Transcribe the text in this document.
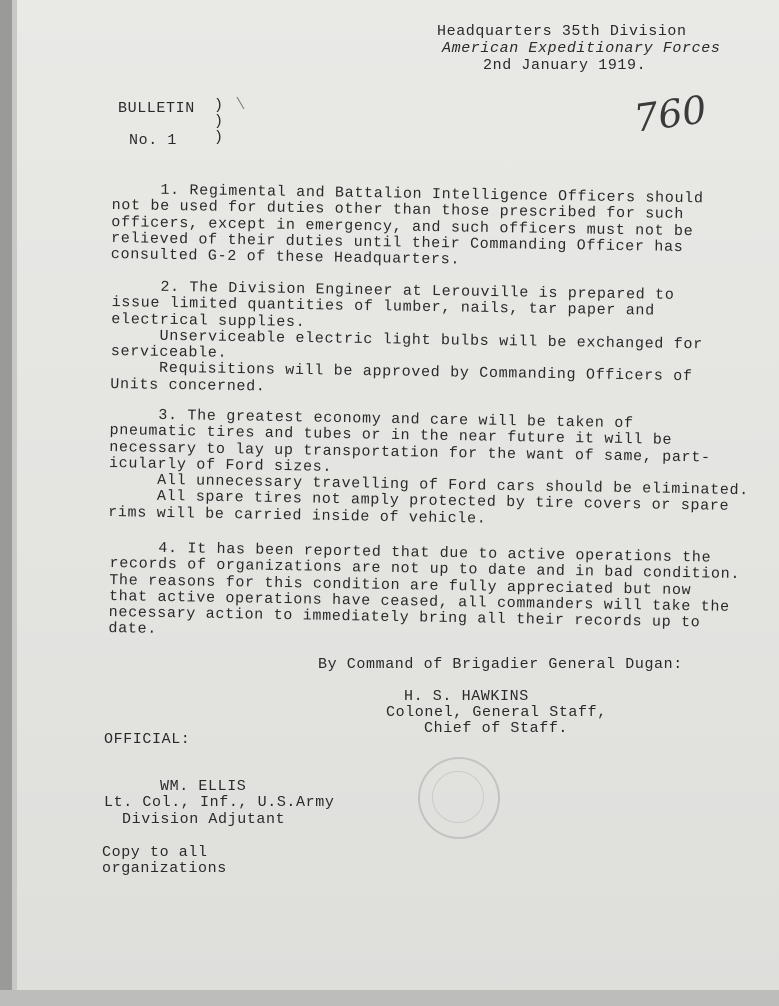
Headquarters 35th Division
American Expeditionary Forces
2nd January 1919.
BULLETIN
No. 1
)
)
)	760
1. Regimental and Battalion Intelligence Officers should
not be used for duties other than those prescribed for such
officers, except in emergency, and such officers must not be
relieved of their duties until their Commanding Officer has
consulted G-2 of these Headquarters.
2. The Division Engineer at Lerouville is prepared to
issue limited quantities of lumber, nails, tar paper and
electrical supplies.
Unserviceable electric light bulbs will be exchanged for
serviceable.
Requisitions will be approved by Commanding Officers of
Units concerned.
3. The greatest economy and care will be taken of
pneumatic tires and tubes or in the near future it will be
necessary to lay up transportation for the want of same, part-
icularly of Ford sizes.
All unnecessary travelling of Ford cars should be eliminated.
All spare tires not amply protected by tire covers or spare
rims will be carried inside of vehicle.
4. It has been reported that due to active operations the
records of organizations are not up to date and in bad condition.
The reasons for this condition are fully appreciated but now
that active operations have ceased, all commanders will take the
necessary action to immediately bring all their records up to
date.
By Command of Brigadier General Dugan:
H. S. HAWKINS
Colonel, General Staff,
Chief of Staff.
OFFICIAL:
WM. ELLIS
Lt. Col., Inf., U.S.Army
Division Adjutant
Copy to all
organizations
